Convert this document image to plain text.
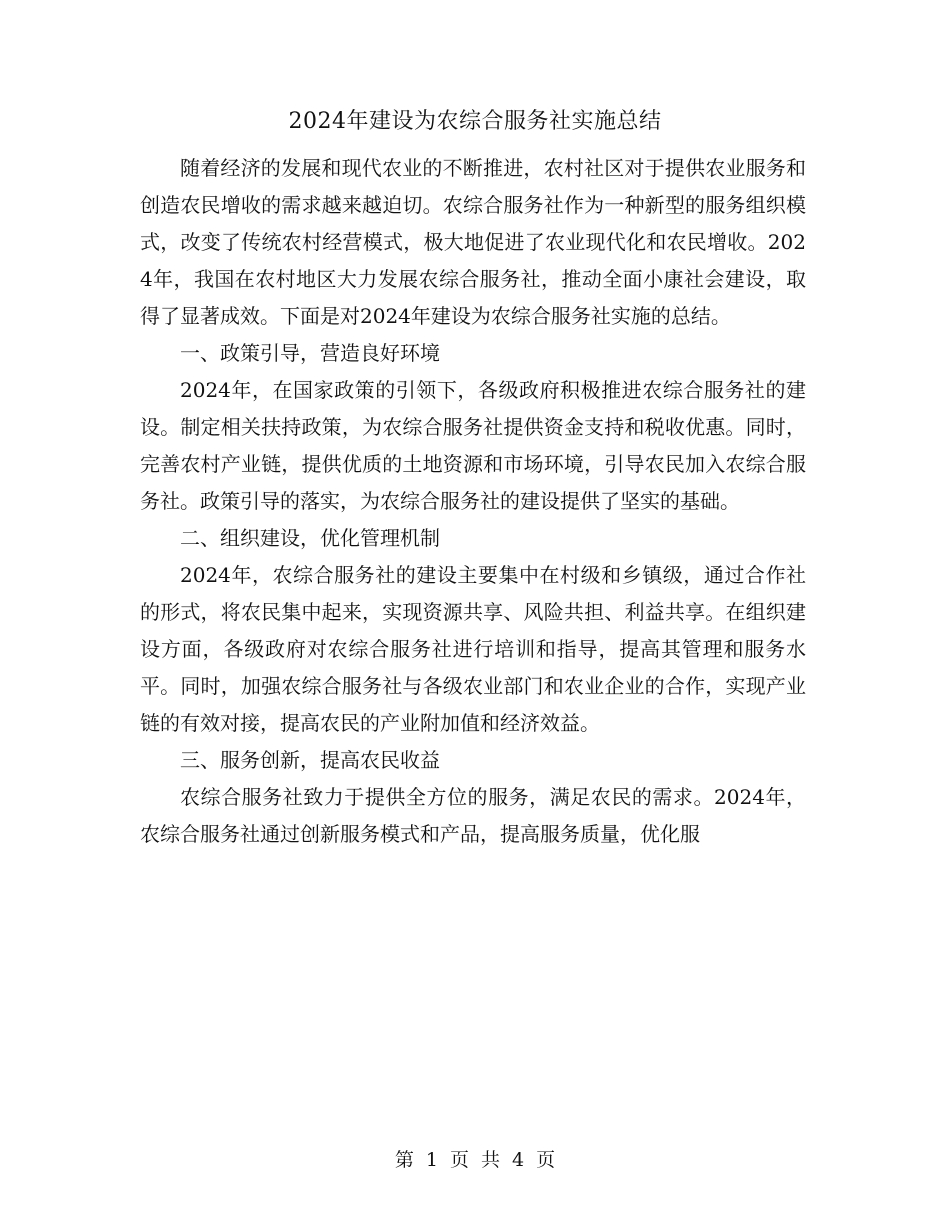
2024年建设为农综合服务社实施总结

随着经济的发展和现代农业的不断推进，农村社区对于提供农业服务和创造农民增收的需求越来越迫切。农综合服务社作为一种新型的服务组织模式，改变了传统农村经营模式，极大地促进了农业现代化和农民增收。2024年，我国在农村地区大力发展农综合服务社，推动全面小康社会建设，取得了显著成效。下面是对2024年建设为农综合服务社实施的总结。

一、政策引导，营造良好环境

2024年，在国家政策的引领下，各级政府积极推进农综合服务社的建设。制定相关扶持政策，为农综合服务社提供资金支持和税收优惠。同时，完善农村产业链，提供优质的土地资源和市场环境，引导农民加入农综合服务社。政策引导的落实，为农综合服务社的建设提供了坚实的基础。

二、组织建设，优化管理机制

2024年，农综合服务社的建设主要集中在村级和乡镇级，通过合作社的形式，将农民集中起来，实现资源共享、风险共担、利益共享。在组织建设方面，各级政府对农综合服务社进行培训和指导，提高其管理和服务水平。同时，加强农综合服务社与各级农业部门和农业企业的合作，实现产业链的有效对接，提高农民的产业附加值和经济效益。

三、服务创新，提高农民收益

农综合服务社致力于提供全方位的服务，满足农民的需求。2024年，农综合服务社通过创新服务模式和产品，提高服务质量，优化服

第 1 页 共 4 页
